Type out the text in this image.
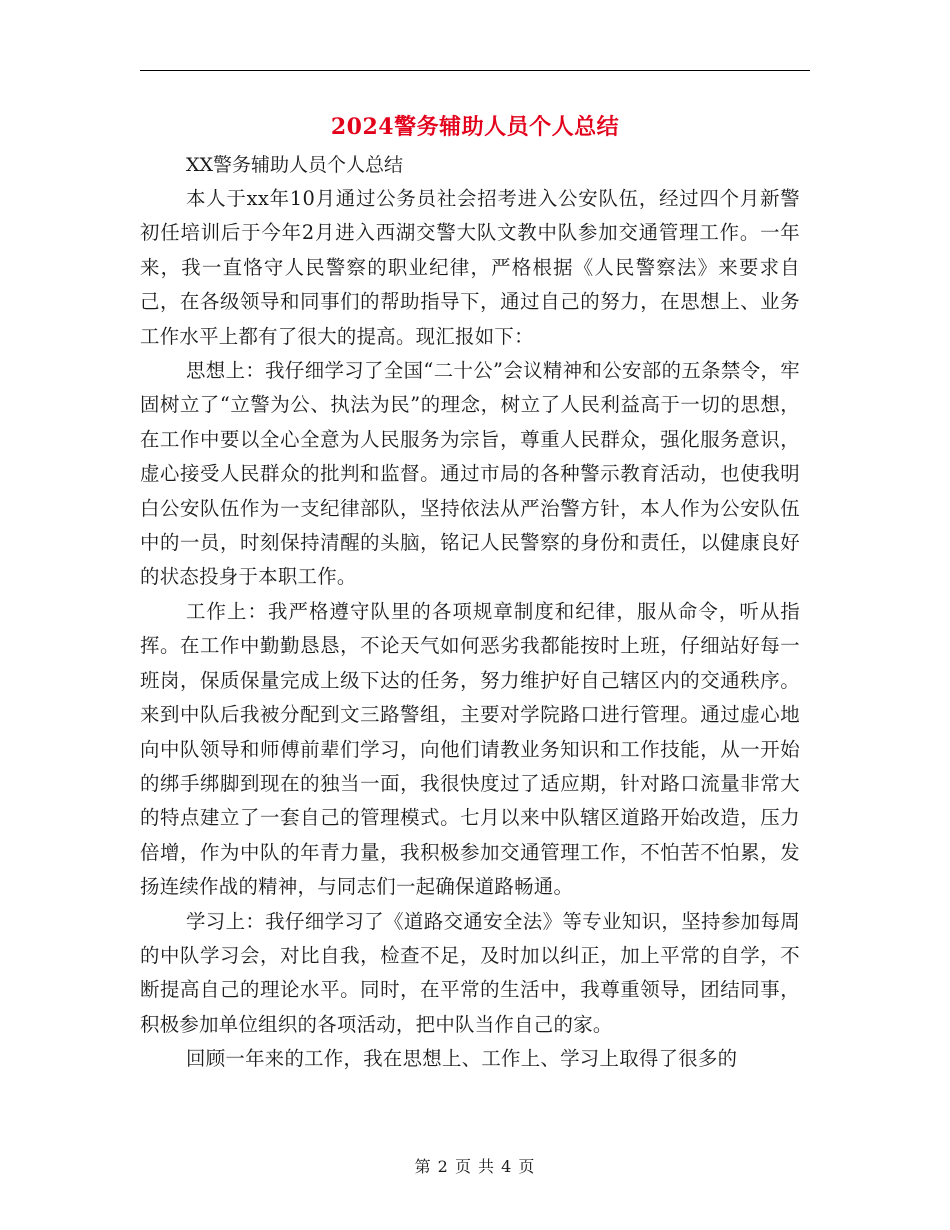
2024警务辅助人员个人总结

XX警务辅助人员个人总结

本人于xx年10月通过公务员社会招考进入公安队伍，经过四个月新警初任培训后于今年2月进入西湖交警大队文教中队参加交通管理工作。一年来，我一直恪守人民警察的职业纪律，严格根据《人民警察法》来要求自己，在各级领导和同事们的帮助指导下，通过自己的努力，在思想上、业务工作水平上都有了很大的提高。现汇报如下：

思想上：我仔细学习了全国“二十公”会议精神和公安部的五条禁令，牢固树立了“立警为公、执法为民”的理念，树立了人民利益高于一切的思想，在工作中要以全心全意为人民服务为宗旨，尊重人民群众，强化服务意识，虚心接受人民群众的批判和监督。通过市局的各种警示教育活动，也使我明白公安队伍作为一支纪律部队，坚持依法从严治警方针，本人作为公安队伍中的一员，时刻保持清醒的头脑，铭记人民警察的身份和责任，以健康良好的状态投身于本职工作。

工作上：我严格遵守队里的各项规章制度和纪律，服从命令，听从指挥。在工作中勤勤恳恳，不论天气如何恶劣我都能按时上班，仔细站好每一班岗，保质保量完成上级下达的任务，努力维护好自己辖区内的交通秩序。来到中队后我被分配到文三路警组，主要对学院路口进行管理。通过虚心地向中队领导和师傅前辈们学习，向他们请教业务知识和工作技能，从一开始的绑手绑脚到现在的独当一面，我很快度过了适应期，针对路口流量非常大的特点建立了一套自己的管理模式。七月以来中队辖区道路开始改造，压力倍增，作为中队的年青力量，我积极参加交通管理工作，不怕苦不怕累，发扬连续作战的精神，与同志们一起确保道路畅通。

学习上：我仔细学习了《道路交通安全法》等专业知识，坚持参加每周的中队学习会，对比自我，检查不足，及时加以纠正，加上平常的自学，不断提高自己的理论水平。同时，在平常的生活中，我尊重领导，团结同事，积极参加单位组织的各项活动，把中队当作自己的家。

回顾一年来的工作，我在思想上、工作上、学习上取得了很多的

第 2 页 共 4 页
